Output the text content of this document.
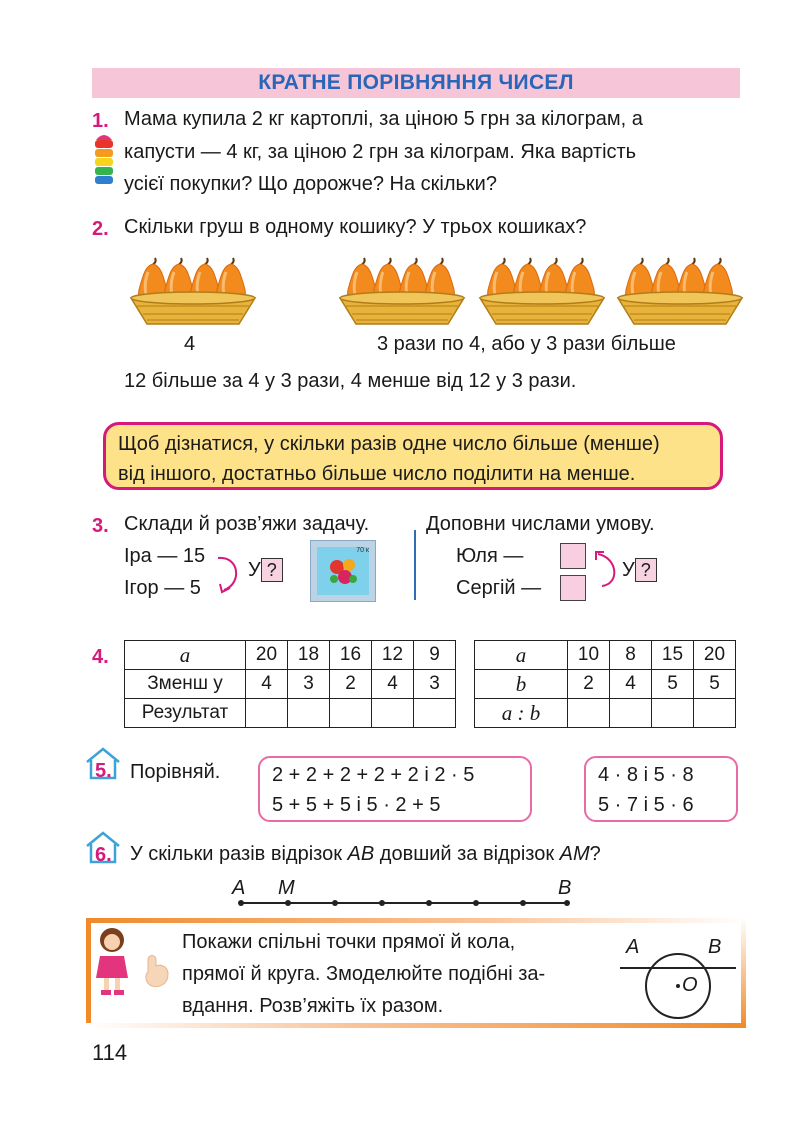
КРАТНЕ ПОРІВНЯННЯ ЧИСЕЛ
1. Мама купила 2 кг картоплі, за ціною 5 грн за кілограм, а
капусти — 4 кг, за ціною 2 грн за кілограм. Яка вартість
усієї покупки? Що дорожче? На скільки?
2. Скільки груш в одному кошику? У трьох кошиках?
4	3 рази по 4, або у 3 рази більше
12 більше за 4 у 3 рази, 4 менше від 12 у 3 рази.
Щоб дізнатися, у скільки разів одне число більше (менше)
від іншого, достатньо більше число поділити на менше.
3. Склади й розв’яжи задачу.
Іра — 15
Ігор — 5
У ?
70 к
Доповни числами умову.
Юля —
Сергій —
У ?
4.	a	20	18	16	12	9
Зменш у	4	3	2	4	3
Результат					
a	10	8	15	20
b	2	4	5	5
a : b				
5. Порівняй.	2 + 2 + 2 + 2 + 2 і 2 · 5
5 + 5 + 5 і 5 · 2 + 5
4 · 8 і 5 · 8
5 · 7 і 5 · 6
6. У скільки разів відрізок AB довший за відрізок AM?
A M	B
Покажи спільні точки прямої й кола,
прямої й круга. Змоделюйте подібні за-
вдання. Розв’яжіть їх разом.
A	B
O
114
